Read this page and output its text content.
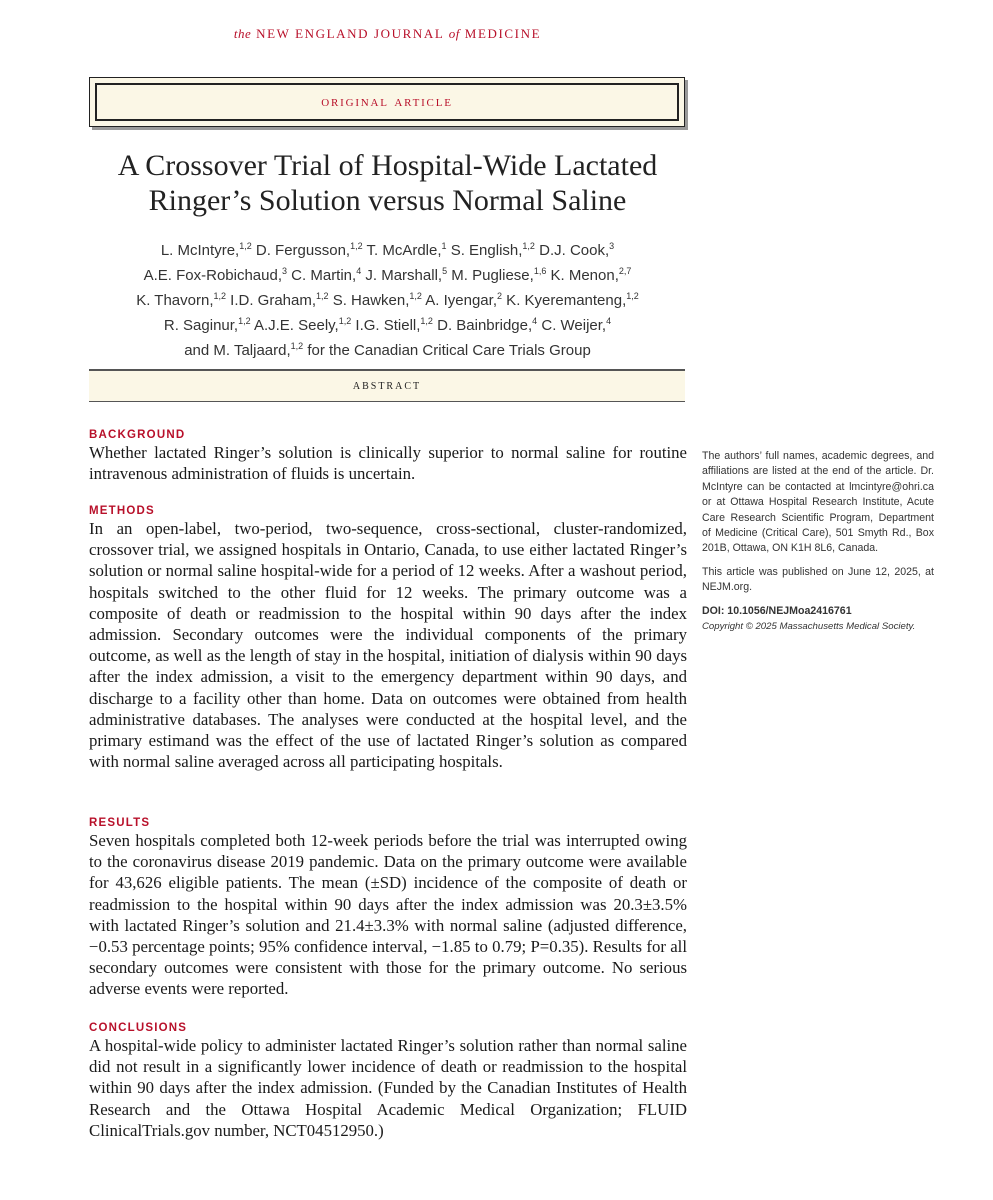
the NEW ENGLAND JOURNAL of MEDICINE
original article
A Crossover Trial of Hospital-Wide Lactated
Ringer’s Solution versus Normal Saline
L. McIntyre,$^{1,2}$ D. Fergusson,$^{1,2}$ T. McArdle,$^1$ S. English,$^{1,2}$ D.J. Cook,$^3$
A.E. Fox-Robichaud,$^3$ C. Martin,$^4$ J. Marshall,$^5$ M. Pugliese,$^{1,6}$ K. Menon,$^{2,7}$
K. Thavorn,$^{1,2}$ I.D. Graham,$^{1,2}$ S. Hawken,$^{1,2}$ A. Iyengar,$^2$ K. Kyeremanteng,$^{1,2}$
R. Saginur,$^{1,2}$ A.J.E. Seely,$^{1,2}$ I.G. Stiell,$^{1,2}$ D. Bainbridge,$^4$ C. Weijer,$^4$
and M. Taljaard,$^{1,2}$ for the Canadian Critical Care Trials Group
abstract

BACKGROUND

Whether lactated Ringer’s solution is clinically superior to normal saline for routine intravenous administration of fluids is uncertain.

METHODS

In an open-label, two-period, two-sequence, cross-sectional, cluster-randomized, crossover trial, we assigned hospitals in Ontario, Canada, to use either lactated Ringer’s solution or normal saline hospital-wide for a period of 12 weeks. After a washout period, hospitals switched to the other fluid for 12 weeks. The primary outcome was a composite of death or readmission to the hospital within 90 days after the index admission. Secondary outcomes were the individual components of the primary outcome, as well as the length of stay in the hospital, initiation of dialysis within 90 days after the index admission, a visit to the emergency department within 90 days, and discharge to a facility other than home. Data on outcomes were obtained from health administrative databases. The analyses were conducted at the hospital level, and the primary estimand was the effect of the use of lactated Ringer’s solution as compared with normal saline averaged across all participating hospitals.

RESULTS

Seven hospitals completed both 12-week periods before the trial was interrupted owing to the coronavirus disease 2019 pandemic. Data on the primary outcome were available for 43,626 eligible patients. The mean (±SD) incidence of the composite of death or readmission to the hospital within 90 days after the index admission was 20.3±3.5% with lactated Ringer’s solution and 21.4±3.3% with normal saline (adjusted difference, −0.53 percentage points; 95% confidence interval, −1.85 to 0.79; P=0.35). Results for all secondary outcomes were consistent with those for the primary outcome. No serious adverse events were reported.

CONCLUSIONS

A hospital-wide policy to administer lactated Ringer’s solution rather than normal saline did not result in a significantly lower incidence of death or readmission to the hospital within 90 days after the index admission. (Funded by the Canadian Institutes of Health Research and the Ottawa Hospital Academic Medical Organization; FLUID ClinicalTrials.gov number, NCT04512950.)

The authors’ full names, academic degrees, and affiliations are listed at the end of the article. Dr. McIntyre can be contacted at lmcintyre@ohri.ca or at Ottawa Hospital Research Institute, Acute Care Research Scientific Program, Department of Medicine (Critical Care), 501 Smyth Rd., Box 201B, Ottawa, ON K1H 8L6, Canada.

This article was published on June 12, 2025, at NEJM.org.

DOI: 10.1056/NEJMoa2416761

Copyright © 2025 Massachusetts Medical Society.
